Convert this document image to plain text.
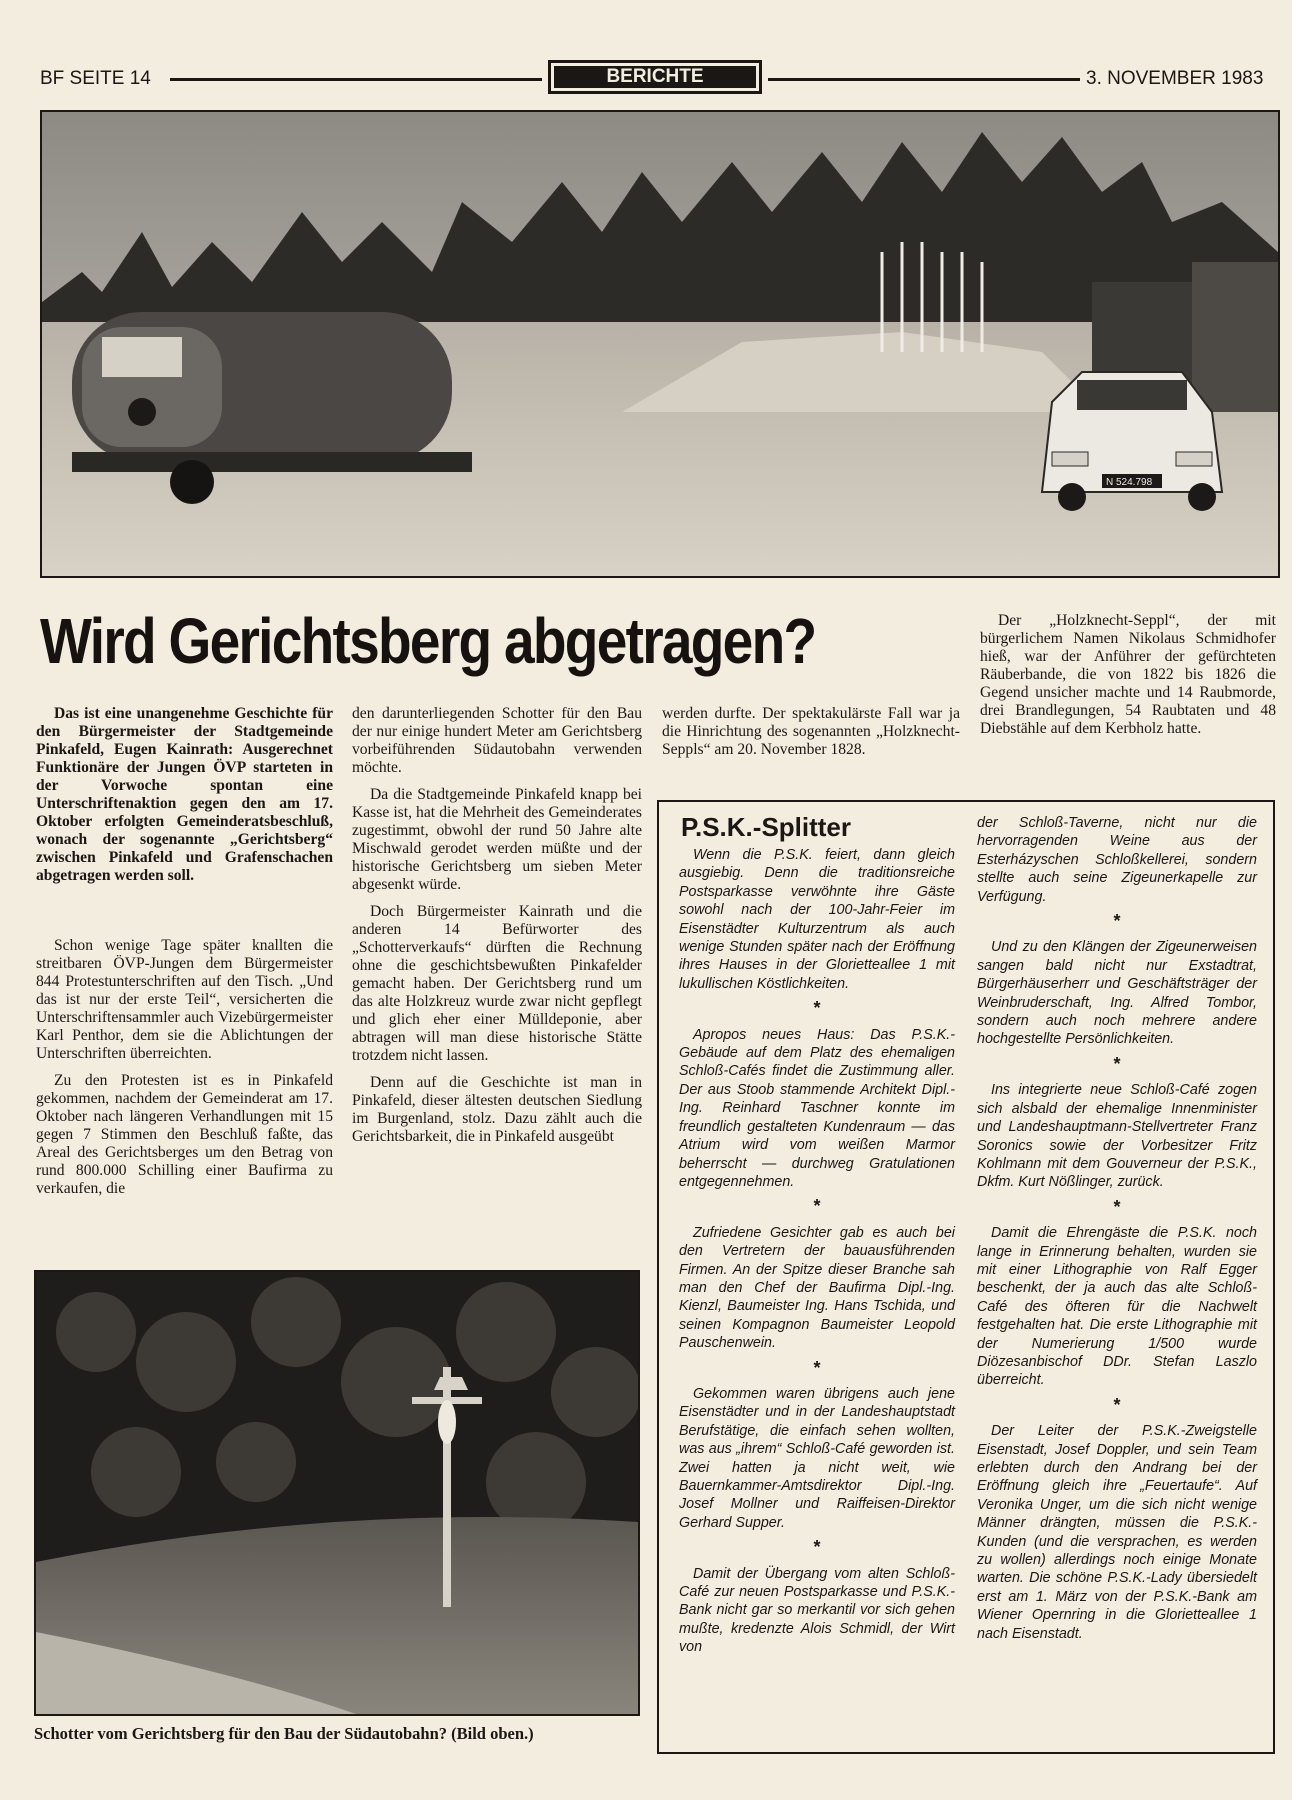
BF SEITE 14	BERICHTE	3. NOVEMBER 1983
N 524.798
Wird Gerichtsberg abgetragen?

Das ist eine unangenehme Geschichte für den Bürgermeister der Stadtgemeinde Pinkafeld, Eugen Kainrath: Ausgerechnet Funktionäre der Jungen ÖVP starteten in der Vorwoche spontan eine Unterschriftenaktion gegen den am 17. Oktober erfolgten Gemeinderatsbeschluß, wonach der sogenannte „Gerichtsberg“ zwischen Pinkafeld und Grafenschachen abgetragen werden soll.

Schon wenige Tage später knallten die streitbaren ÖVP-Jungen dem Bürgermeister 844 Protestunterschriften auf den Tisch. „Und das ist nur der erste Teil“, versicherten die Unterschriftensammler auch Vizebürgermeister Karl Penthor, dem sie die Ablichtungen der Unterschriften überreichten.

Zu den Protesten ist es in Pinkafeld gekommen, nachdem der Gemeinderat am 17. Oktober nach längeren Verhandlungen mit 15 gegen 7 Stimmen den Beschluß faßte, das Areal des Gerichtsberges um den Betrag von rund 800.000 Schilling einer Baufirma zu verkaufen, die

den darunterliegenden Schotter für den Bau der nur einige hundert Meter am Gerichtsberg vorbeiführenden Südautobahn verwenden möchte.

Da die Stadtgemeinde Pinkafeld knapp bei Kasse ist, hat die Mehrheit des Gemeinderates zugestimmt, obwohl der rund 50 Jahre alte Mischwald gerodet werden müßte und der historische Gerichtsberg um sieben Meter abgesenkt würde.

Doch Bürgermeister Kainrath und die anderen 14 Befürworter des „Schotterverkaufs“ dürften die Rechnung ohne die geschichtsbewußten Pinkafelder gemacht haben. Der Gerichtsberg rund um das alte Holzkreuz wurde zwar nicht gepflegt und glich eher einer Mülldeponie, aber abtragen will man diese historische Stätte trotzdem nicht lassen.

Denn auf die Geschichte ist man in Pinkafeld, dieser ältesten deutschen Siedlung im Burgenland, stolz. Dazu zählt auch die Gerichtsbarkeit, die in Pinkafeld ausgeübt

werden durfte. Der spektakulärste Fall war ja die Hinrichtung des sogenannten „Holzknecht-Seppls“ am 20. November 1828.

Der „Holzknecht-Seppl“, der mit bürgerlichem Namen Nikolaus Schmidhofer hieß, war der Anführer der gefürchteten Räuberbande, die von 1822 bis 1826 die Gegend unsicher machte und 14 Raubmorde, drei Brandlegungen, 54 Raubtaten und 48 Diebstähle auf dem Kerbholz hatte.

P.S.K.-Splitter

Wenn die P.S.K. feiert, dann gleich ausgiebig. Denn die traditionsreiche Postsparkasse verwöhnte ihre Gäste sowohl nach der 100-Jahr-Feier im Eisenstädter Kulturzentrum als auch wenige Stunden später nach der Eröffnung ihres Hauses in der Glorietteallee 1 mit lukullischen Köstlichkeiten.

*

Apropos neues Haus: Das P.S.K.-Gebäude auf dem Platz des ehemaligen Schloß-Cafés findet die Zustimmung aller. Der aus Stoob stammende Architekt Dipl.-Ing. Reinhard Taschner konnte im freundlich gestalteten Kundenraum — das Atrium wird vom weißen Marmor beherrscht — durchweg Gratulationen entgegennehmen.

*

Zufriedene Gesichter gab es auch bei den Vertretern der bauausführenden Firmen. An der Spitze dieser Branche sah man den Chef der Baufirma Dipl.-Ing. Kienzl, Baumeister Ing. Hans Tschida, und seinen Kompagnon Baumeister Leopold Pauschenwein.

*

Gekommen waren übrigens auch jene Eisenstädter und in der Landeshauptstadt Berufstätige, die einfach sehen wollten, was aus „ihrem“ Schloß-Café geworden ist. Zwei hatten ja nicht weit, wie Bauernkammer-Amtsdirektor Dipl.-Ing. Josef Mollner und Raiffeisen-Direktor Gerhard Supper.

*

Damit der Übergang vom alten Schloß-Café zur neuen Postsparkasse und P.S.K.-Bank nicht gar so merkantil vor sich gehen mußte, kredenzte Alois Schmidl, der Wirt von

der Schloß-Taverne, nicht nur die hervorragenden Weine aus der Esterházyschen Schloßkellerei, sondern stellte auch seine Zigeunerkapelle zur Verfügung.

*

Und zu den Klängen der Zigeunerweisen sangen bald nicht nur Exstadtrat, Bürgerhäuserherr und Geschäftsträger der Weinbruderschaft, Ing. Alfred Tombor, sondern auch noch mehrere andere hochgestellte Persönlichkeiten.

*

Ins integrierte neue Schloß-Café zogen sich alsbald der ehemalige Innenminister und Landeshauptmann-Stellvertreter Franz Soronics sowie der Vorbesitzer Fritz Kohlmann mit dem Gouverneur der P.S.K., Dkfm. Kurt Nößlinger, zurück.

*

Damit die Ehrengäste die P.S.K. noch lange in Erinnerung behalten, wurden sie mit einer Lithographie von Ralf Egger beschenkt, der ja auch das alte Schloß-Café des öfteren für die Nachwelt festgehalten hat. Die erste Lithographie mit der Numerierung 1/500 wurde Diözesanbischof DDr. Stefan Laszlo überreicht.

*

Der Leiter der P.S.K.-Zweigstelle Eisenstadt, Josef Doppler, und sein Team erlebten durch den Andrang bei der Eröffnung gleich ihre „Feuertaufe“. Auf Veronika Unger, um die sich nicht wenige Männer drängten, müssen die P.S.K.-Kunden (und die versprachen, es werden zu wollen) allerdings noch einige Monate warten. Die schöne P.S.K.-Lady übersiedelt erst am 1. März von der P.S.K.-Bank am Wiener Opernring in die Glorietteallee 1 nach Eisenstadt.

Schotter vom Gerichtsberg für den Bau der Südautobahn? (Bild oben.)
